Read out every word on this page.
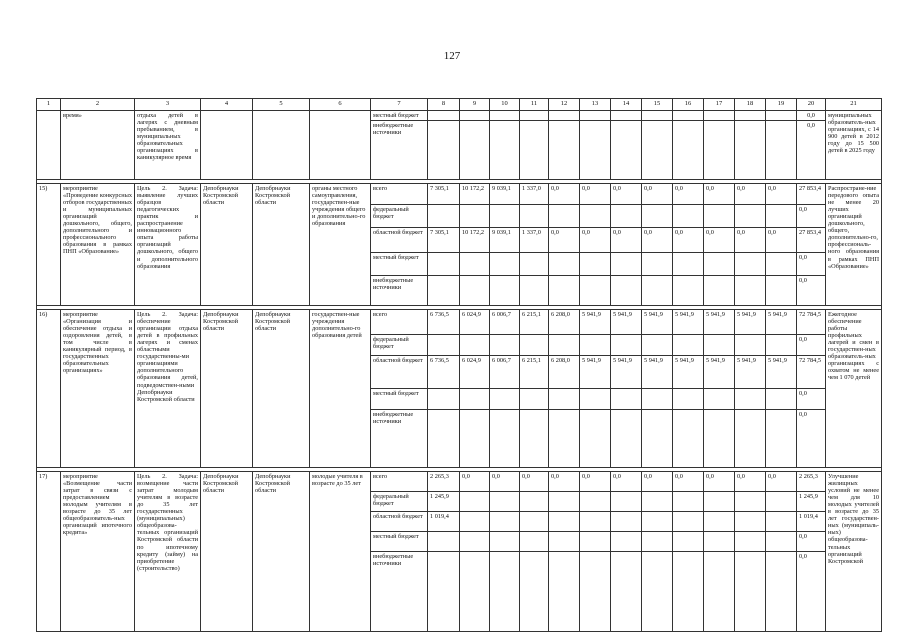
127
1	2	3	4	5	6	7	8	9	10	11	12	13	14	15	16	17	18	19	20	21
	время»	отдыха детей в лагерях с дневным пребыванием, в муниципальных образовательных организациях в каникулярное время				местный бюджет													0,0	муниципальных образователь-ных организациях, с 14 900 детей в 2012 году до 15 500 детей в 2025 году
						внебюджетные источники													0,0	

15)	мероприятие «Проведение конкурсных отборов государственных и муниципальных организаций дошкольного, общего, дополнительного и профессионального образования в рамках ПНП «Образование»	Цель 2. Задача: выявление лучших образцов педагогических практик и распространение инновационного опыта работы организаций дошкольного, общего и дополнительного образования	Депобрнауки Костромской области	Депобрнауки Костромской области	органы местного самоуправления, государствен-ные учреждения общего и дополнительно-го образования	всего	7 305,1	10 172,2	9 039,1	1 337,0	0,0	0,0	0,0	0,0	0,0	0,0	0,0	0,0	27 853,4	Распростране-ние передового опыта не менее 20 лучших организаций дошкольного, общего, дополнительно-го, профессиональ-ного образования в рамках ПНП «Образование»
						федеральный бюджет													0,0	
						областной бюджет	7 305,1	10 172,2	9 039,1	1 337,0	0,0	0,0	0,0	0,0	0,0	0,0	0,0	0,0	27 853,4	
						местный бюджет													0,0	
						внебюджетные источники													0,0	

16)	мероприятие «Организация и обеспечение отдыха и оздоровления детей, в том числе в каникулярный период, в государственных образовательных организациях»	Цель 2. Задача: обеспечение организации отдыха детей в профильных лагерях и сменах областными государственны-ми организациями дополнительного образования детей, подведомствен-ными Депобрнауки Костромской области	Депобрнауки Костромской области	Депобрнауки Костромской области	государствен-ные учреждения дополнительно-го образования детей	всего	6 736,5	6 024,9	6 006,7	6 215,1	6 208,0	5 941,9	5 941,9	5 941,9	5 941,9	5 941,9	5 941,9	5 941,9	72 784,5	Ежегодное обеспечение работы профильных лагерей и смен в государствен-ных образователь-ных организациях с охватом не менее чем 1 070 детей
						федеральный бюджет													0,0	
						областной бюджет	6 736,5	6 024,9	6 006,7	6 215,1	6 208,0	5 941,9	5 941,9	5 941,9	5 941,9	5 941,9	5 941,9	5 941,9	72 784,5	
						местный бюджет													0,0	
						внебюджетные источники													0,0	

17)	мероприятие «Возмещение части затрат в связи с предоставлением молодым учителям в возрасте до 35 лет общеобразователь-ных организаций ипотечного кредита»	Цель 2. Задача: возмещение части затрат молодым учителям в возрасте до 35 лет государственных (муниципальных) общеобразова-тельных организаций Костромской области по ипотечному кредиту (займу) на приобретение (строительство)	Депобрнауки Костромской области	Депобрнауки Костромской области	молодые учителя в возрасте до 35 лет	всего	2 265,3	0,0	0,0	0,0	0,0	0,0	0,0	0,0	0,0	0,0	0,0	0,0	2 265,3	Улучшение жилищных условий не менее чем для 10 молодых учителей в возрасте до 35 лет государствен-ных (муниципаль-ных) общеобразова-тельных организаций Костромской
						федеральный бюджет	1 245,9												1 245,9	
						областной бюджет	1 019,4												1 019,4	
						местный бюджет													0,0	
						внебюджетные источники													0,0	
